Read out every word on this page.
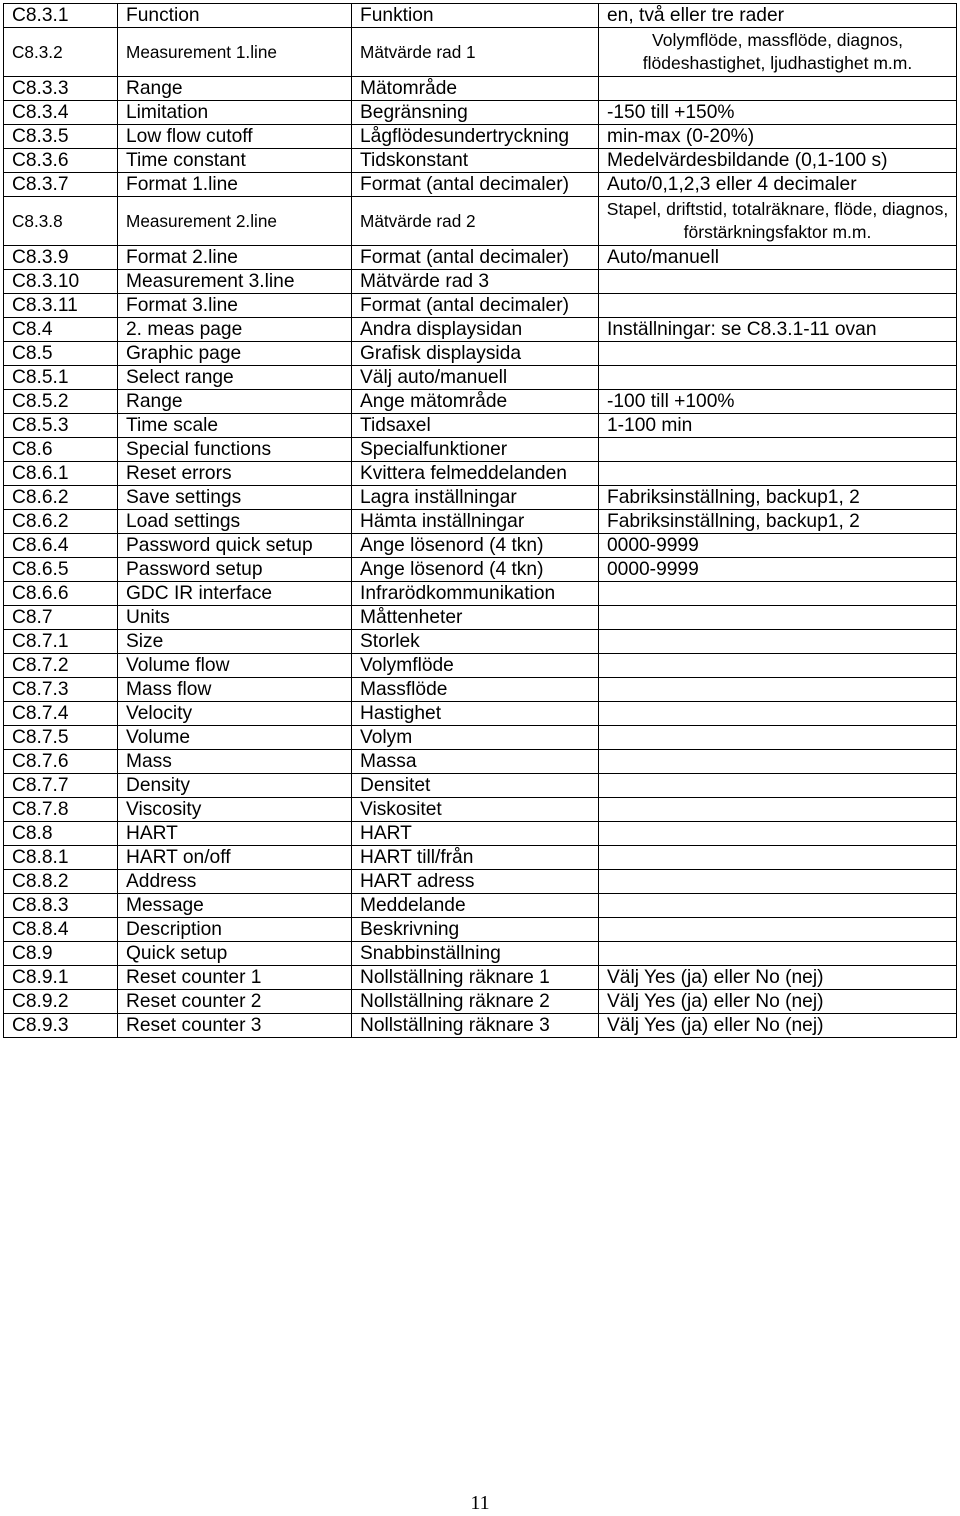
C8.3.1	Function	Funktion	en, två eller tre rader
C8.3.2	Measurement 1.line	Mätvärde rad 1	Volymflöde, massflöde, diagnos, flödeshastighet, ljudhastighet m.m.
C8.3.3	Range	Mätområde	
C8.3.4	Limitation	Begränsning	-150 till +150%
C8.3.5	Low flow cutoff	Lågflödesundertryckning	min-max (0-20%)
C8.3.6	Time constant	Tidskonstant	Medelvärdesbildande (0,1-100 s)
C8.3.7	Format 1.line	Format (antal decimaler)	Auto/0,1,2,3 eller 4 decimaler
C8.3.8	Measurement 2.line	Mätvärde rad 2	Stapel, driftstid, totalräknare, flöde, diagnos, förstärkningsfaktor m.m.
C8.3.9	Format 2.line	Format (antal decimaler)	Auto/manuell
C8.3.10	Measurement 3.line	Mätvärde rad 3	
C8.3.11	Format 3.line	Format (antal decimaler)	
C8.4	2. meas page	Andra displaysidan	Inställningar: se C8.3.1-11 ovan
C8.5	Graphic page	Grafisk displaysida	
C8.5.1	Select range	Välj auto/manuell	
C8.5.2	Range	Ange mätområde	-100 till +100%
C8.5.3	Time scale	Tidsaxel	1-100 min
C8.6	Special functions	Specialfunktioner	
C8.6.1	Reset errors	Kvittera felmeddelanden	
C8.6.2	Save settings	Lagra inställningar	Fabriksinställning, backup1, 2
C8.6.2	Load settings	Hämta inställningar	Fabriksinställning, backup1, 2
C8.6.4	Password quick setup	Ange lösenord (4 tkn)	0000-9999
C8.6.5	Password setup	Ange lösenord (4 tkn)	0000-9999
C8.6.6	GDC IR interface	Infrarödkommunikation	
C8.7	Units	Måttenheter	
C8.7.1	Size	Storlek	
C8.7.2	Volume flow	Volymflöde	
C8.7.3	Mass flow	Massflöde	
C8.7.4	Velocity	Hastighet	
C8.7.5	Volume	Volym	
C8.7.6	Mass	Massa	
C8.7.7	Density	Densitet	
C8.7.8	Viscosity	Viskositet	
C8.8	HART	HART	
C8.8.1	HART on/off	HART till/från	
C8.8.2	Address	HART adress	
C8.8.3	Message	Meddelande	
C8.8.4	Description	Beskrivning	
C8.9	Quick setup	Snabbinställning	
C8.9.1	Reset counter 1	Nollställning räknare 1	Välj Yes (ja) eller No (nej)
C8.9.2	Reset counter 2	Nollställning räknare 2	Välj Yes (ja) eller No (nej)
C8.9.3	Reset counter 3	Nollställning räknare 3	Välj Yes (ja) eller No (nej)
11
